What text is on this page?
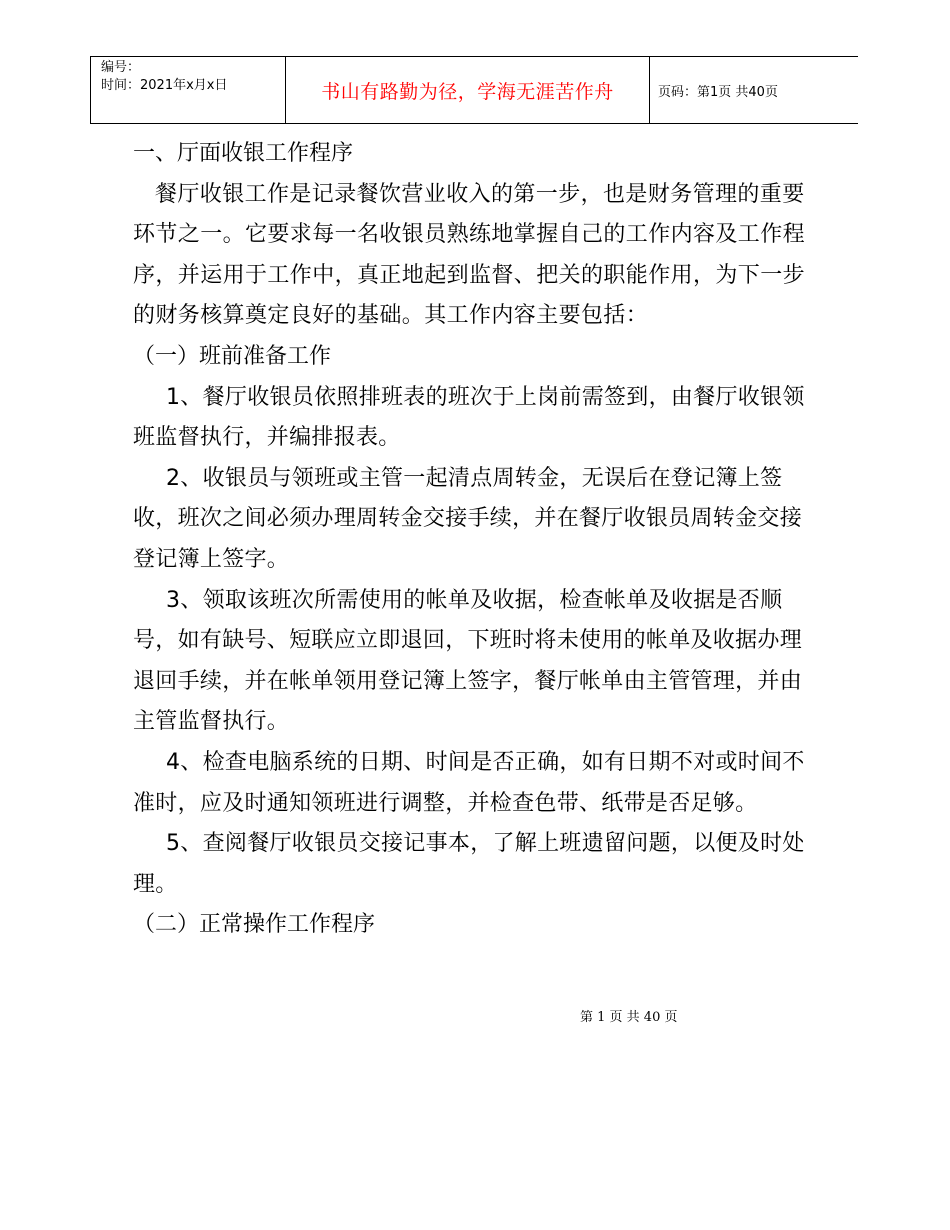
编号：
时间：2021年x月x日	书山有路勤为径，学海无涯苦作舟	页码：第1页 共40页

一、厅面收银工作程序

餐厅收银工作是记录餐饮营业收入的第一步，也是财务管理的重要环节之一。它要求每一名收银员熟练地掌握自己的工作内容及工作程序，并运用于工作中，真正地起到监督、把关的职能作用，为下一步的财务核算奠定良好的基础。其工作内容主要包括：

（一）班前准备工作

1、餐厅收银员依照排班表的班次于上岗前需签到，由餐厅收银领班监督执行，并编排报表。

2、收银员与领班或主管一起清点周转金，无误后在登记簿上签收，班次之间必须办理周转金交接手续，并在餐厅收银员周转金交接登记簿上签字。

3、领取该班次所需使用的帐单及收据，检查帐单及收据是否顺号，如有缺号、短联应立即退回，下班时将未使用的帐单及收据办理退回手续，并在帐单领用登记簿上签字，餐厅帐单由主管管理，并由主管监督执行。

4、检查电脑系统的日期、时间是否正确，如有日期不对或时间不准时，应及时通知领班进行调整，并检查色带、纸带是否足够。

5、查阅餐厅收银员交接记事本，了解上班遗留问题，以便及时处理。

（二）正常操作工作程序

第 1 页 共 40 页
